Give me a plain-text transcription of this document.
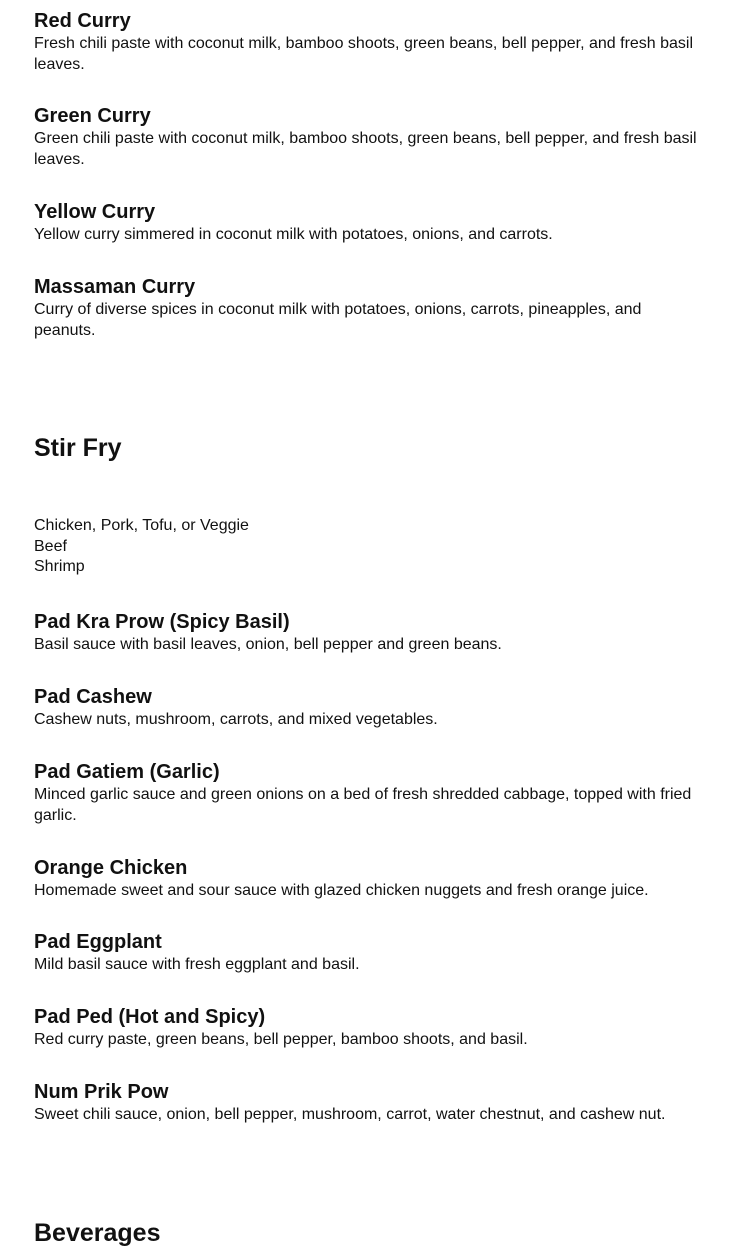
Red Curry
Fresh chili paste with coconut milk, bamboo shoots, green beans, bell pepper, and fresh basil leaves.
Green Curry
Green chili paste with coconut milk, bamboo shoots, green beans, bell pepper, and fresh basil leaves.
Yellow Curry
Yellow curry simmered in coconut milk with potatoes, onions, and carrots.
Massaman Curry
Curry of diverse spices in coconut milk with potatoes, onions, carrots, pineapples, and peanuts.
Stir Fry
Chicken, Pork, Tofu, or Veggie
Beef
Shrimp
Pad Kra Prow (Spicy Basil)
Basil sauce with basil leaves, onion, bell pepper and green beans.
Pad Cashew
Cashew nuts, mushroom, carrots, and mixed vegetables.
Pad Gatiem (Garlic)
Minced garlic sauce and green onions on a bed of fresh shredded cabbage, topped with fried garlic.
Orange Chicken
Homemade sweet and sour sauce with glazed chicken nuggets and fresh orange juice.
Pad Eggplant
Mild basil sauce with fresh eggplant and basil.
Pad Ped (Hot and Spicy)
Red curry paste, green beans, bell pepper, bamboo shoots, and basil.
Num Prik Pow
Sweet chili sauce, onion, bell pepper, mushroom, carrot, water chestnut, and cashew nut.
Beverages
